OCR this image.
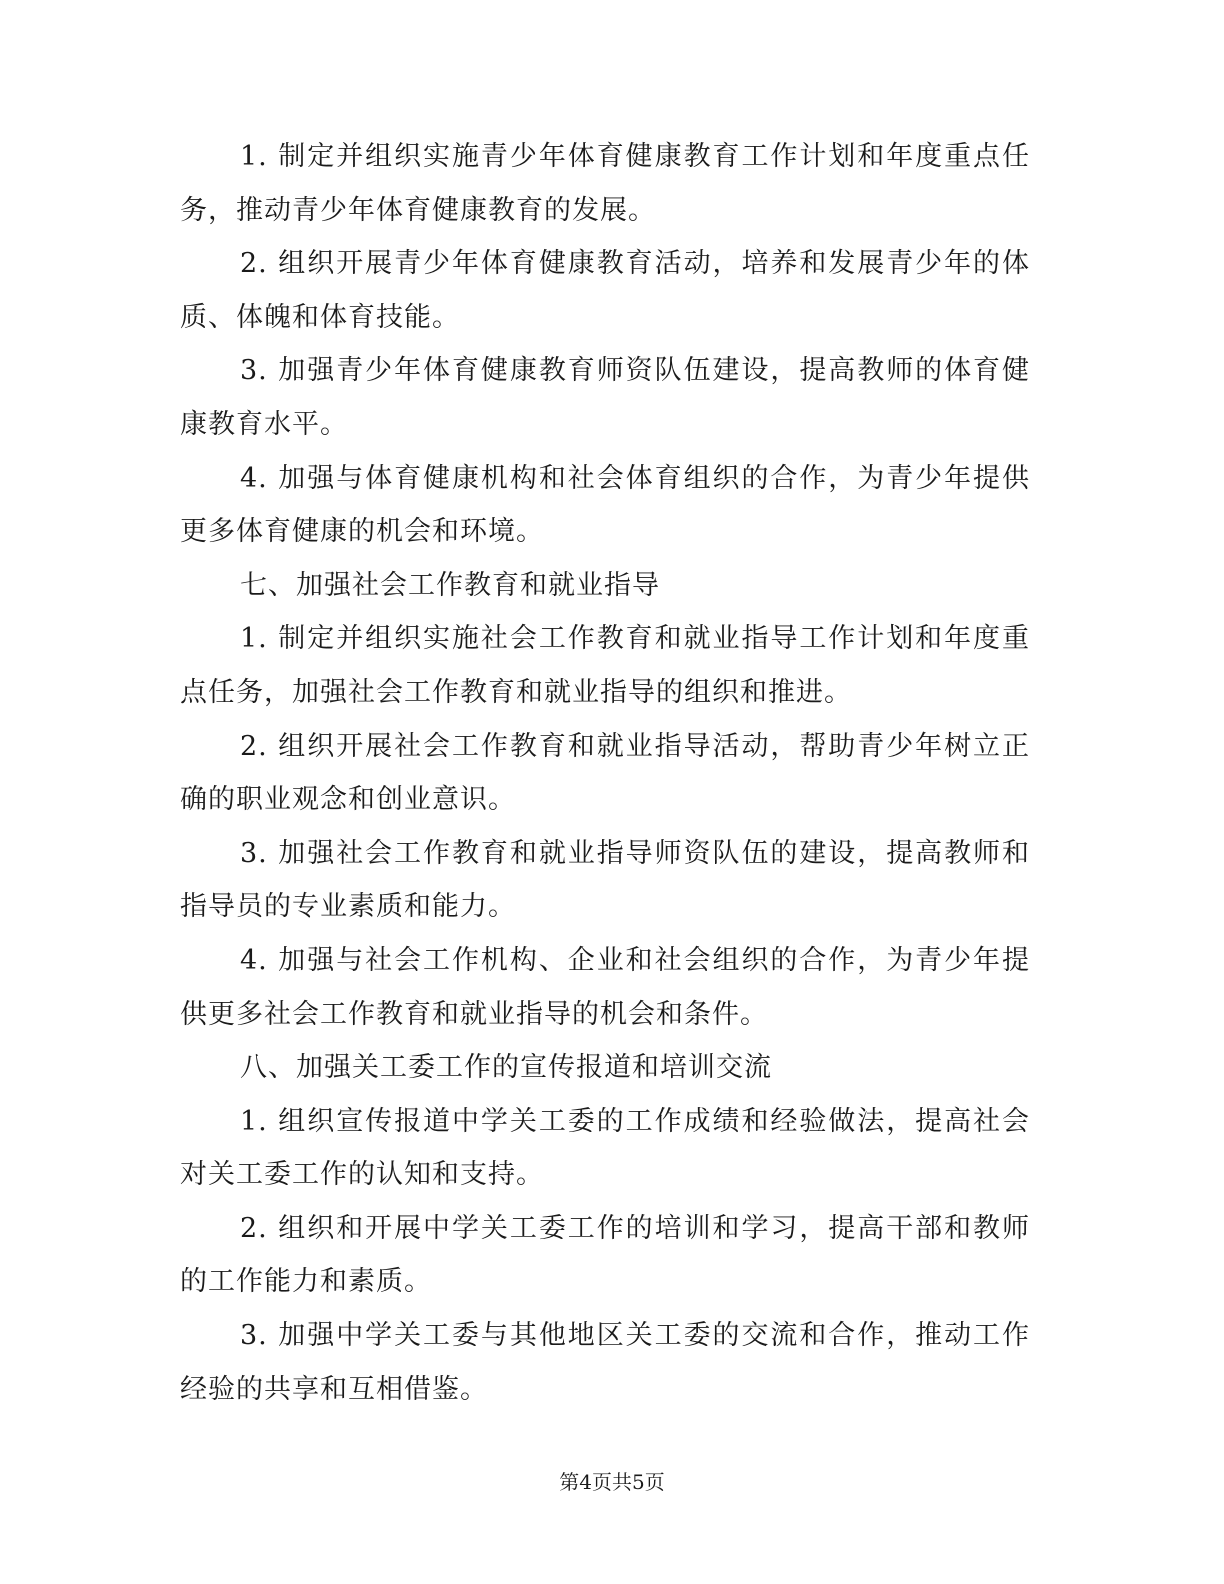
1. 制定并组织实施青少年体育健康教育工作计划和年度重点任务，推动青少年体育健康教育的发展。

2. 组织开展青少年体育健康教育活动，培养和发展青少年的体质、体魄和体育技能。

3. 加强青少年体育健康教育师资队伍建设，提高教师的体育健康教育水平。

4. 加强与体育健康机构和社会体育组织的合作，为青少年提供更多体育健康的机会和环境。

七、加强社会工作教育和就业指导

1. 制定并组织实施社会工作教育和就业指导工作计划和年度重点任务，加强社会工作教育和就业指导的组织和推进。

2. 组织开展社会工作教育和就业指导活动，帮助青少年树立正确的职业观念和创业意识。

3. 加强社会工作教育和就业指导师资队伍的建设，提高教师和指导员的专业素质和能力。

4. 加强与社会工作机构、企业和社会组织的合作，为青少年提供更多社会工作教育和就业指导的机会和条件。

八、加强关工委工作的宣传报道和培训交流

1. 组织宣传报道中学关工委的工作成绩和经验做法，提高社会对关工委工作的认知和支持。

2. 组织和开展中学关工委工作的培训和学习，提高干部和教师的工作能力和素质。

3. 加强中学关工委与其他地区关工委的交流和合作，推动工作经验的共享和互相借鉴。

第4页共5页
